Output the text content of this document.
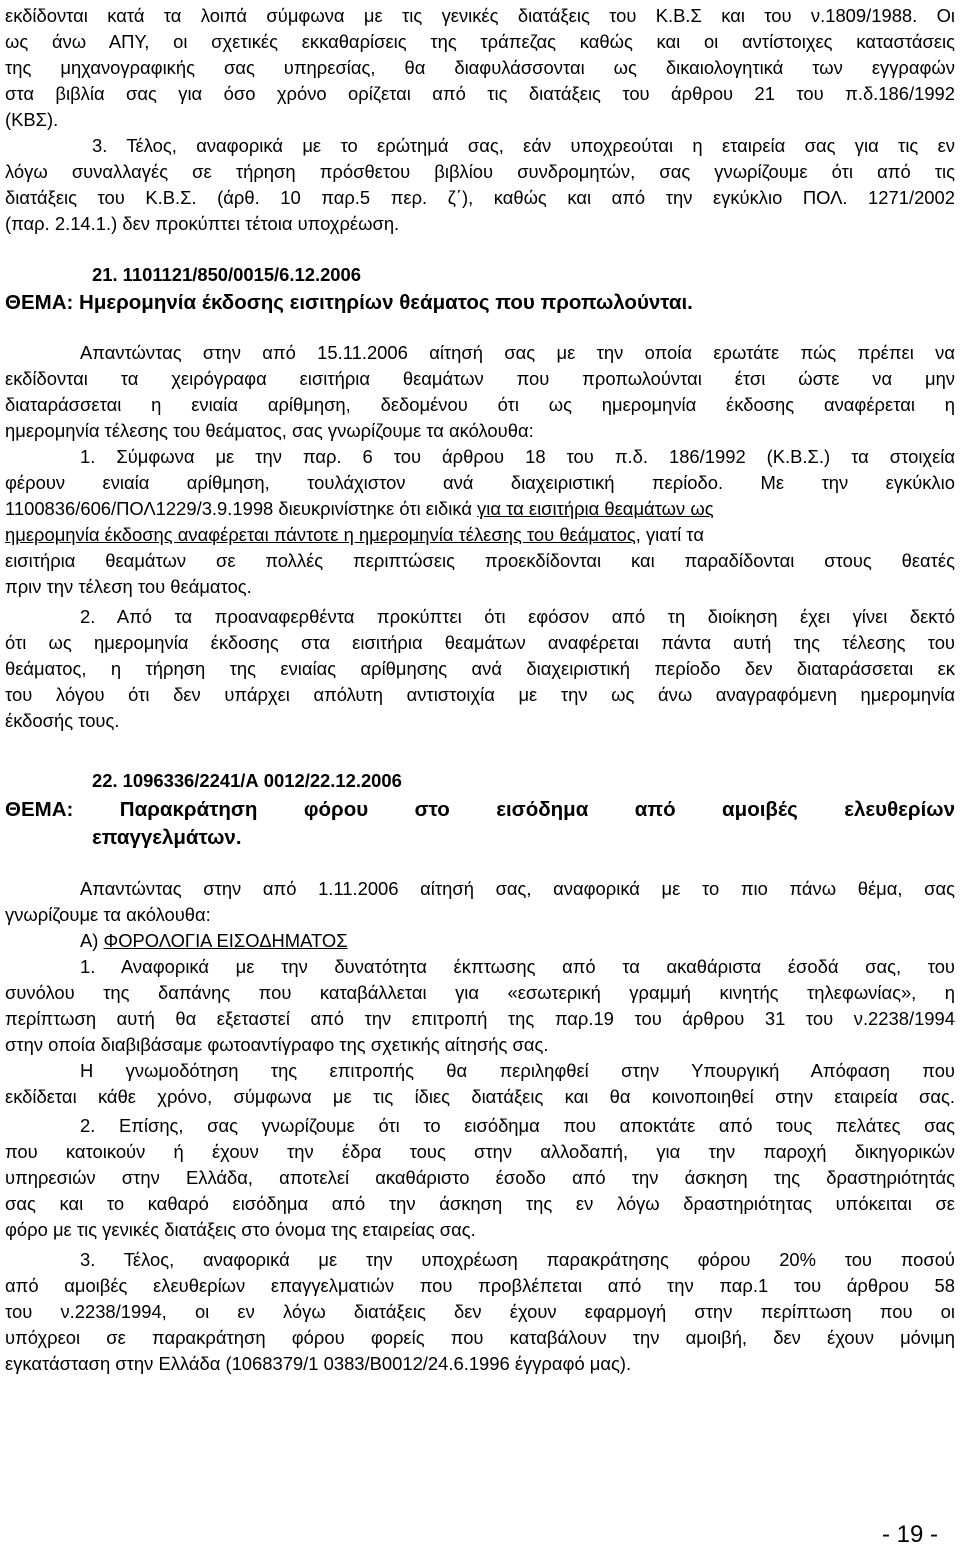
εκδίδονται κατά τα λοιπά σύμφωνα με τις γενικές διατάξεις του Κ.Β.Σ και του ν.1809/1988. Οι
ως άνω ΑΠΥ, οι σχετικές εκκαθαρίσεις της τράπεζας καθώς και οι αντίστοιχες καταστάσεις
της μηχανογραφικής σας υπηρεσίας, θα διαφυλάσσονται ως δικαιολογητικά των εγγραφών
στα βιβλία σας για όσο χρόνο ορίζεται από τις διατάξεις του άρθρου 21 του π.δ.186/1992
(ΚΒΣ).
3. Τέλος, αναφορικά με το ερώτημά σας, εάν υποχρεούται η εταιρεία σας για τις εν
λόγω συναλλαγές σε τήρηση πρόσθετου βιβλίου συνδρομητών, σας γνωρίζουμε ότι από τις
διατάξεις του Κ.Β.Σ. (άρθ. 10 παρ.5 περ. ζ΄), καθώς και από την εγκύκλιο ΠΟΛ. 1271/2002
(παρ. 2.14.1.) δεν προκύπτει τέτοια υποχρέωση.
21. 1101121/850/0015/6.12.2006
ΘΕΜΑ: Ημερομηνία έκδοσης εισιτηρίων θεάματος που προπωλούνται.
Απαντώντας στην από 15.11.2006 αίτησή σας με την οποία ερωτάτε πώς πρέπει να
εκδίδονται τα χειρόγραφα εισιτήρια θεαμάτων που προπωλούνται έτσι ώστε να μην
διαταράσσεται η ενιαία αρίθμηση, δεδομένου ότι ως ημερομηνία έκδοσης αναφέρεται η
ημερομηνία τέλεσης του θεάματος, σας γνωρίζουμε τα ακόλουθα:
1. Σύμφωνα με την παρ. 6 του άρθρου 18 του π.δ. 186/1992 (Κ.Β.Σ.) τα στοιχεία
φέρουν ενιαία αρίθμηση, τουλάχιστον ανά διαχειριστική περίοδο. Με την εγκύκλιο
1100836/606/ΠΟΛ1229/3.9.1998 διευκρινίστηκε ότι ειδικά για τα εισιτήρια θεαμάτων ως
ημερομηνία έκδοσης αναφέρεται πάντοτε η ημερομηνία τέλεσης του θεάματος, γιατί τα
εισιτήρια θεαμάτων σε πολλές περιπτώσεις προεκδίδονται και παραδίδονται στους θεατές
πριν την τέλεση του θεάματος.
2. Από τα προαναφερθέντα προκύπτει ότι εφόσον από τη διοίκηση έχει γίνει δεκτό
ότι ως ημερομηνία έκδοσης στα εισιτήρια θεαμάτων αναφέρεται πάντα αυτή της τέλεσης του
θεάματος, η τήρηση της ενιαίας αρίθμησης ανά διαχειριστική περίοδο δεν διαταράσσεται εκ
του λόγου ότι δεν υπάρχει απόλυτη αντιστοιχία με την ως άνω αναγραφόμενη ημερομηνία
έκδοσής τους.
22. 1096336/2241/Α 0012/22.12.2006
ΘΕΜΑ: Παρακράτηση φόρου στο εισόδημα από αμοιβές ελευθερίων
επαγγελμάτων.
Απαντώντας στην από 1.11.2006 αίτησή σας, αναφορικά με το πιο πάνω θέμα, σας
γνωρίζουμε τα ακόλουθα:
Α) ΦΟΡΟΛΟΓΙΑ ΕΙΣΟΔΗΜΑΤΟΣ
1. Αναφορικά με την δυνατότητα έκπτωσης από τα ακαθάριστα έσοδά σας, του
συνόλου της δαπάνης που καταβάλλεται για «εσωτερική γραμμή κινητής τηλεφωνίας», η
περίπτωση αυτή θα εξεταστεί από την επιτροπή της παρ.19 του άρθρου 31 του ν.2238/1994
στην οποία διαβιβάσαμε φωτοαντίγραφο της σχετικής αίτησής σας.
Η γνωμοδότηση της επιτροπής θα περιληφθεί στην Υπουργική Απόφαση που
εκδίδεται κάθε χρόνο, σύμφωνα με τις ίδιες διατάξεις και θα κοινοποιηθεί στην εταιρεία σας.
2. Επίσης, σας γνωρίζουμε ότι το εισόδημα που αποκτάτε από τους πελάτες σας
που κατοικούν ή έχουν την έδρα τους στην αλλοδαπή, για την παροχή δικηγορικών
υπηρεσιών στην Ελλάδα, αποτελεί ακαθάριστο έσοδο από την άσκηση της δραστηριότητάς
σας και το καθαρό εισόδημα από την άσκηση της εν λόγω δραστηριότητας υπόκειται σε
φόρο με τις γενικές διατάξεις στο όνομα της εταιρείας σας.
3. Τέλος, αναφορικά με την υποχρέωση παρακράτησης φόρου 20% του ποσού
από αμοιβές ελευθερίων επαγγελματιών που προβλέπεται από την παρ.1 του άρθρου 58
του ν.2238/1994, οι εν λόγω διατάξεις δεν έχουν εφαρμογή στην περίπτωση που οι
υπόχρεοι σε παρακράτηση φόρου φορείς που καταβάλουν την αμοιβή, δεν έχουν μόνιμη
εγκατάσταση στην Ελλάδα (1068379/1 0383/Β0012/24.6.1996 έγγραφό μας).
- 19 -
